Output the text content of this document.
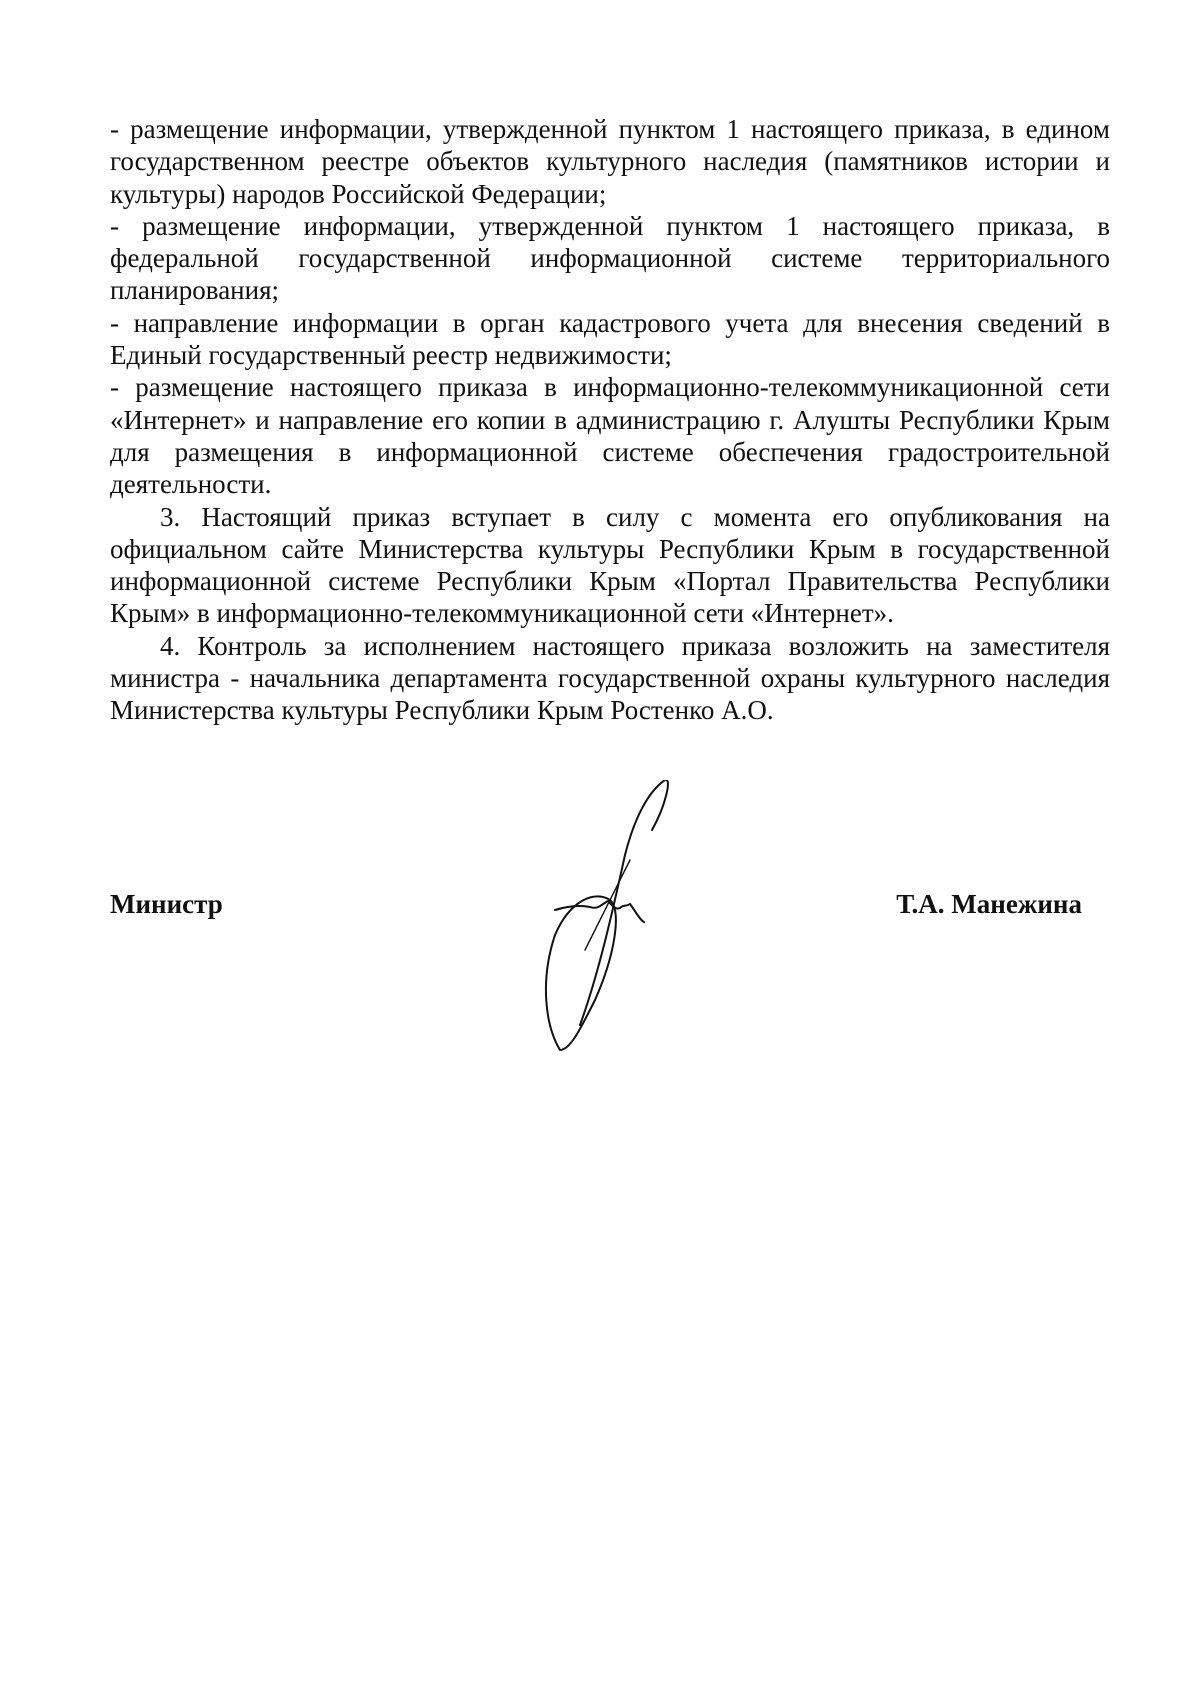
- размещение информации, утвержденной пунктом 1 настоящего приказа, в едином государственном реестре объектов культурного наследия (памятников истории и культуры) народов Российской Федерации;

- размещение информации, утвержденной пунктом 1 настоящего приказа, в федеральной государственной информационной системе территориального планирования;

- направление информации в орган кадастрового учета для внесения сведений в Единый государственный реестр недвижимости;

- размещение настоящего приказа в информационно-телекоммуникационной сети «Интернет» и направление его копии в администрацию г. Алушты Республики Крым для размещения в информационной системе обеспечения градостроительной деятельности.

3. Настоящий приказ вступает в силу с момента его опубликования на официальном сайте Министерства культуры Республики Крым в государственной информационной системе Республики Крым «Портал Правительства Республики Крым» в информационно-телекоммуникационной сети «Интернет».

4. Контроль за исполнением настоящего приказа возложить на заместителя министра - начальника департамента государственной охраны культурного наследия Министерства культуры Республики Крым Ростенко А.О.

Министр	Т.А. Манежина
